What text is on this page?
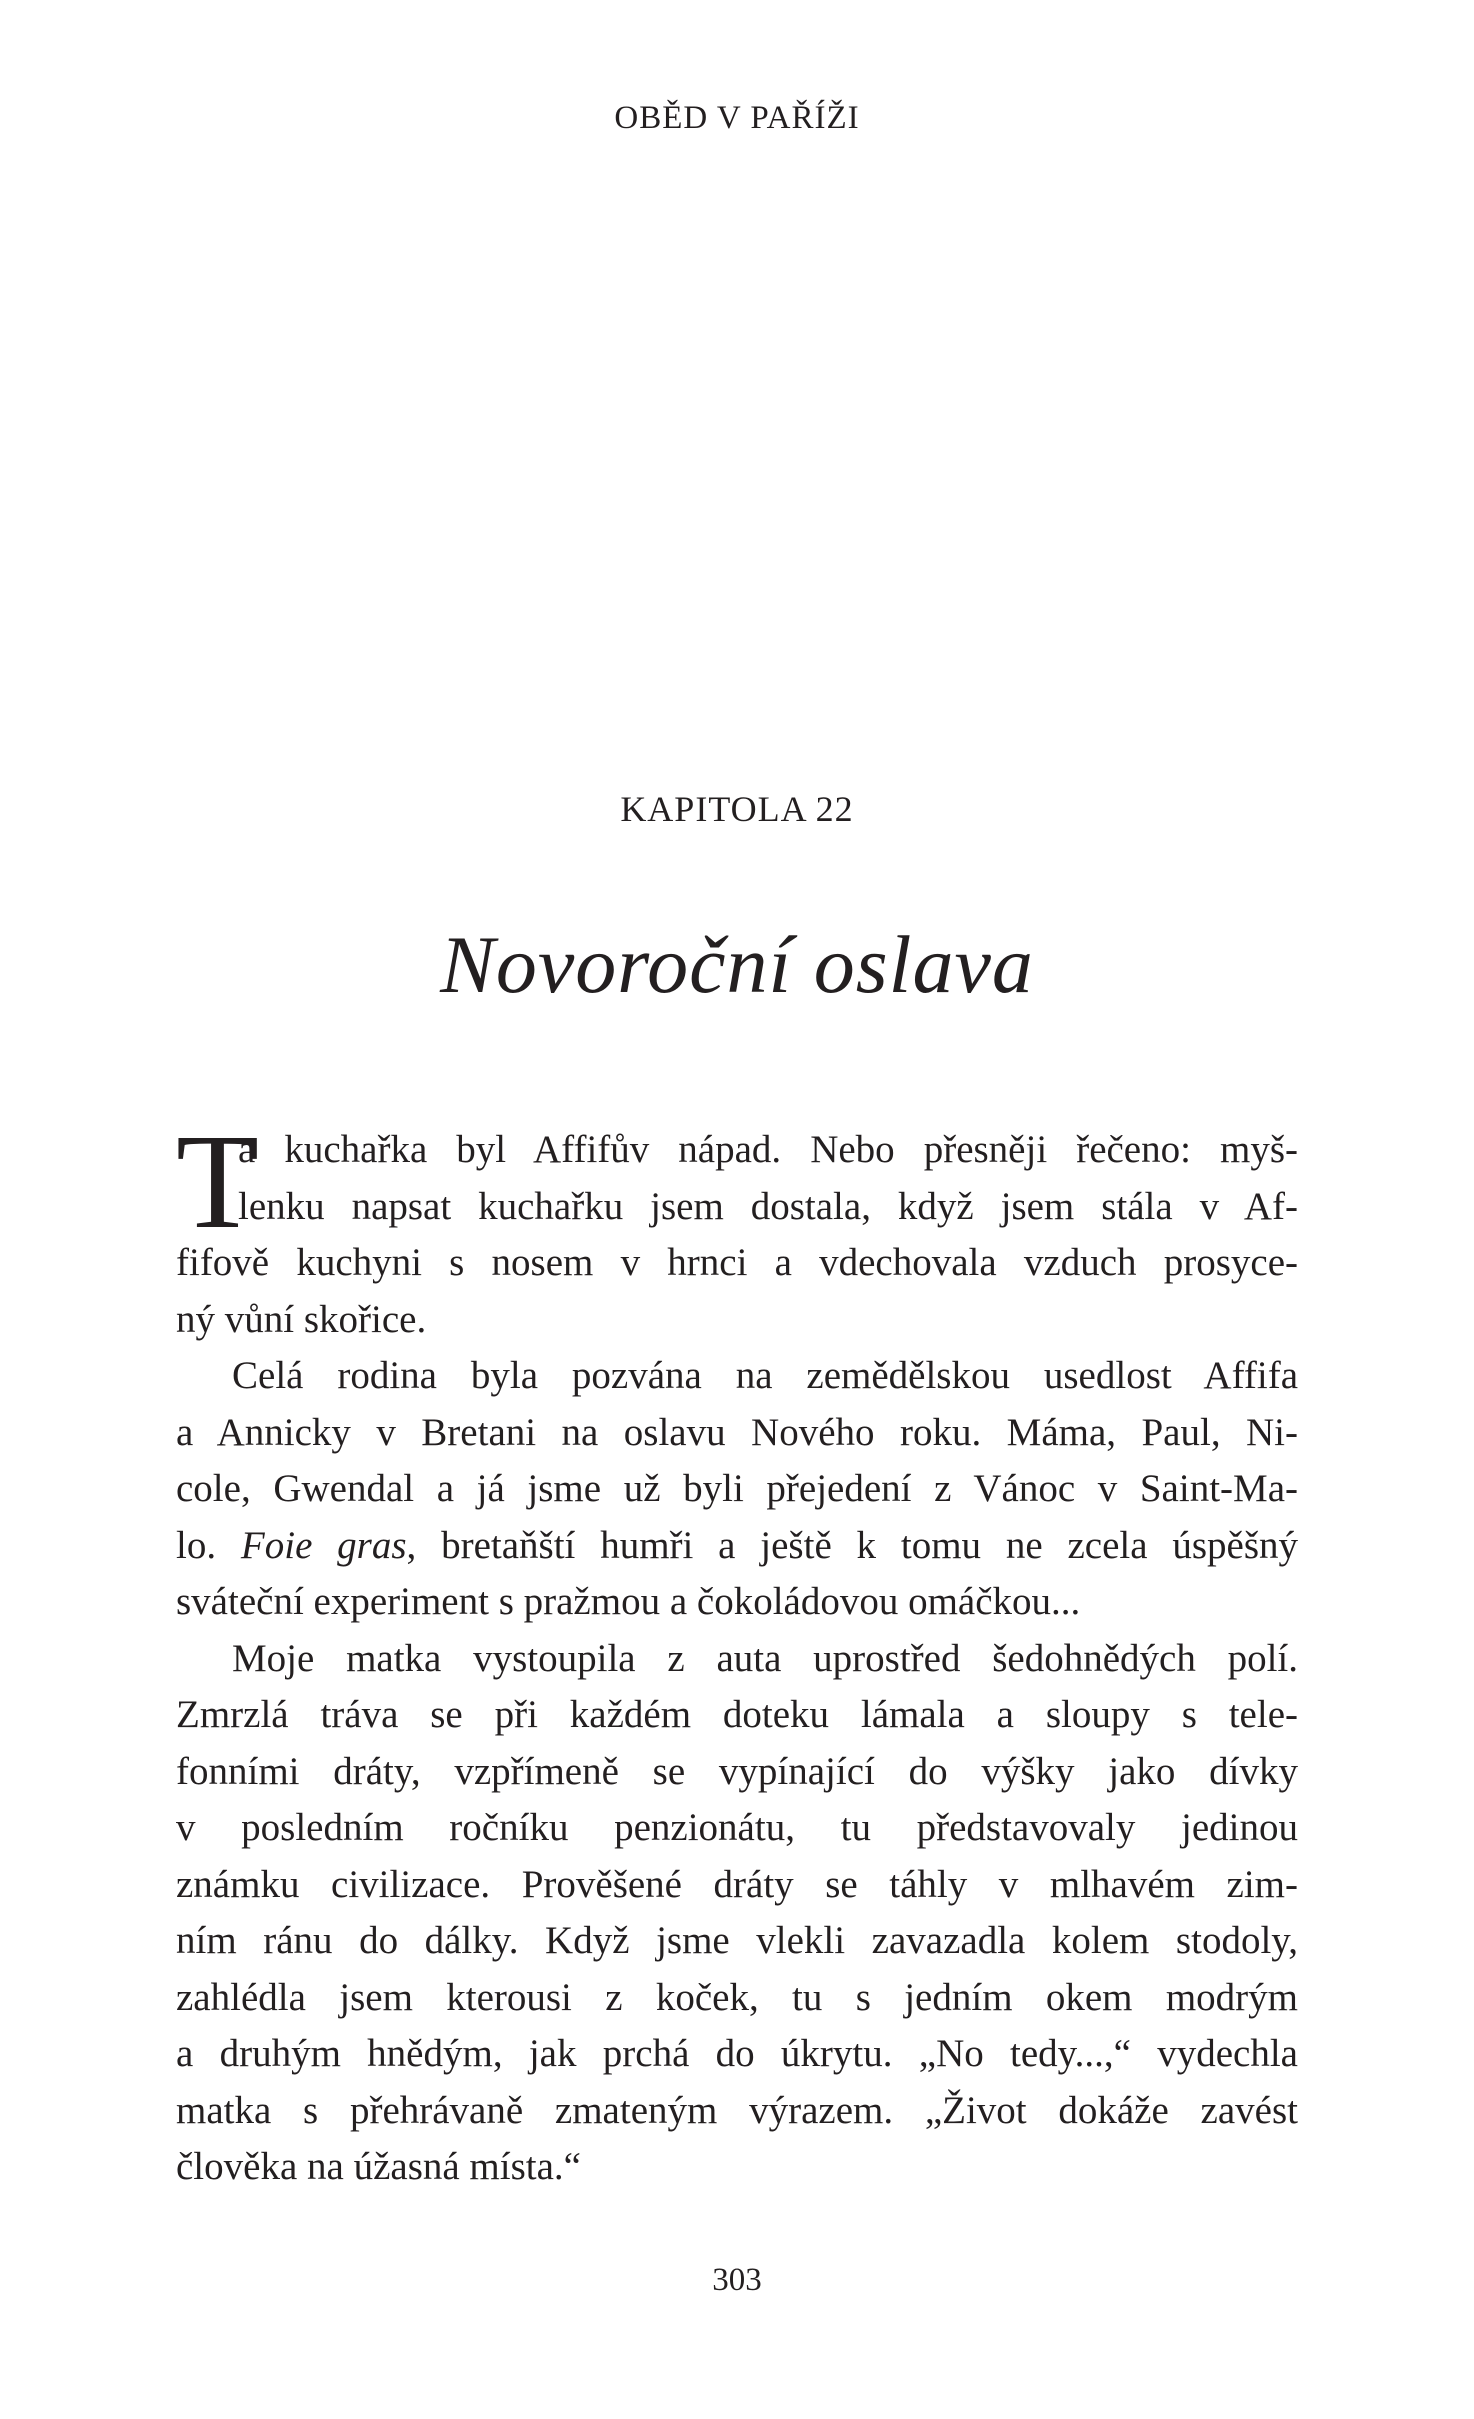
OBĚD V PAŘÍŽI
KAPITOLA 22
Novoroční oslava
T
a kuchařka byl Affifův nápad. Nebo přesněji řečeno: myš-
lenku napsat kuchařku jsem dostala, když jsem stála v Af-
fifově kuchyni s nosem v hrnci a vdechovala vzduch prosyce-
ný vůní skořice.
Celá rodina byla pozvána na zemědělskou usedlost Affifa
a Annicky v Bretani na oslavu Nového roku. Máma, Paul, Ni-
cole, Gwendal a já jsme už byli přejedení z Vánoc v Saint-Ma-
lo. Foie gras, bretaňští humři a ještě k tomu ne zcela úspěšný
sváteční experiment s pražmou a čokoládovou omáčkou...
Moje matka vystoupila z auta uprostřed šedohnědých polí.
Zmrzlá tráva se při každém doteku lámala a sloupy s tele-
fonními dráty, vzpřímeně se vypínající do výšky jako dívky
v posledním ročníku penzionátu, tu představovaly jedinou
známku civilizace. Prověšené dráty se táhly v mlhavém zim-
ním ránu do dálky. Když jsme vlekli zavazadla kolem stodoly,
zahlédla jsem kterousi z koček, tu s jedním okem modrým
a druhým hnědým, jak prchá do úkrytu. „No tedy...,“ vydechla
matka s přehrávaně zmateným výrazem. „Život dokáže zavést
člověka na úžasná místa.“
303
